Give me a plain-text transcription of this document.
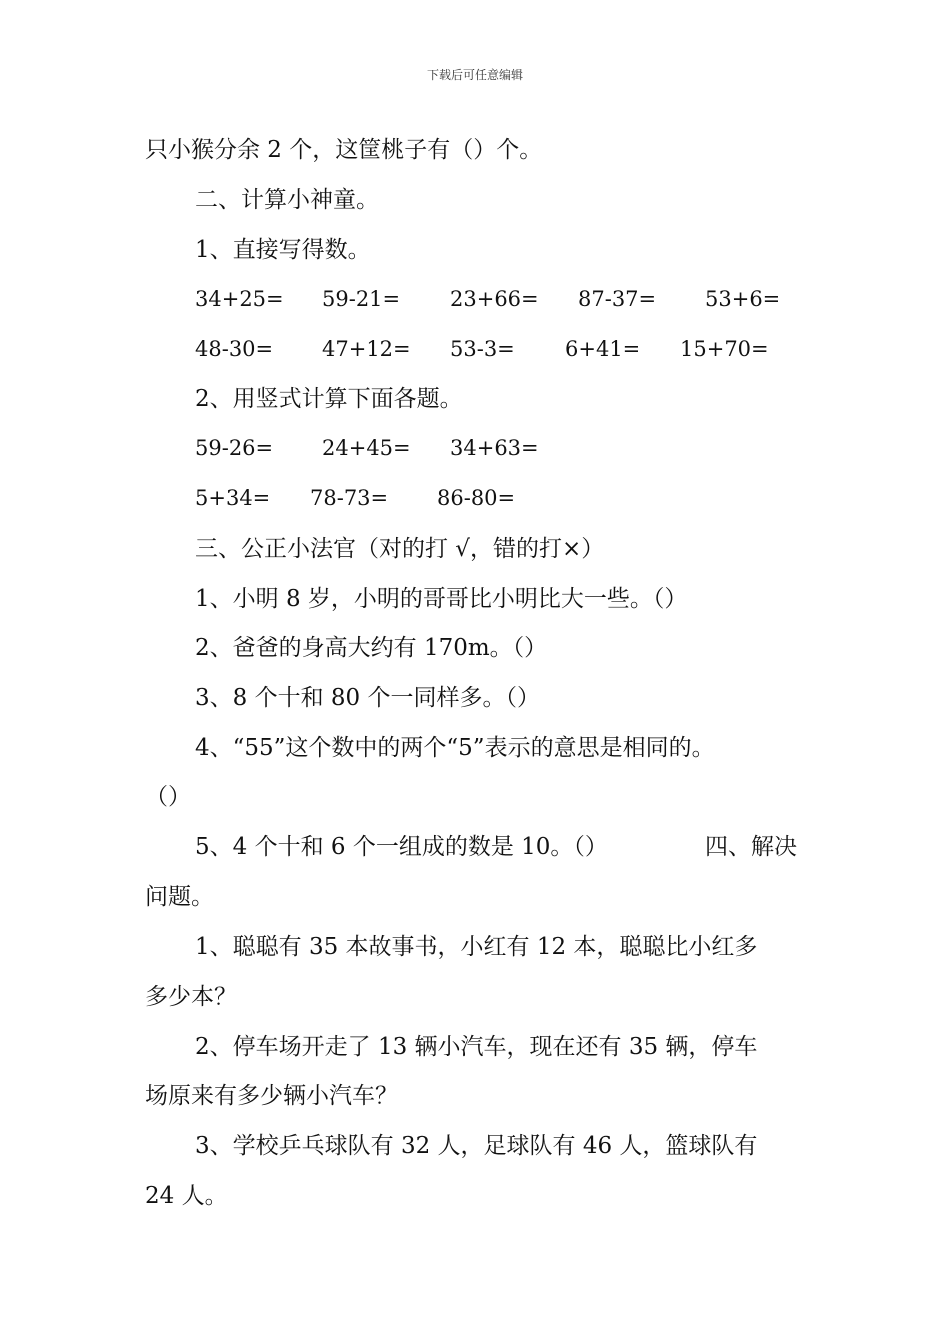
下载后可任意编辑
只小猴分余 2 个，这筐桃子有（）个。
二、计算小神童。
1、直接写得数。
34+25= 59-21= 23+66= 87-37= 53+6=
48-30= 47+12= 53-3= 6+41= 15+70=
2、用竖式计算下面各题。
59-26= 24+45= 34+63=
5+34= 78-73= 86-80=
三、公正小法官（对的打 √，错的打×）
1、小明 8 岁，小明的哥哥比小明比大一些。（）
2、爸爸的身高大约有 170m。（）
3、8 个十和 80 个一同样多。（）
4、“55”这个数中的两个“5”表示的意思是相同的。
（）
5、4 个十和 6 个一组成的数是 10。（）	四、解决
问题。
1、聪聪有 35 本故事书，小红有 12 本，聪聪比小红多
多少本？
2、停车场开走了 13 辆小汽车，现在还有 35 辆，停车
场原来有多少辆小汽车？
3、学校乒乓球队有 32 人，足球队有 46 人，篮球队有
24 人。
